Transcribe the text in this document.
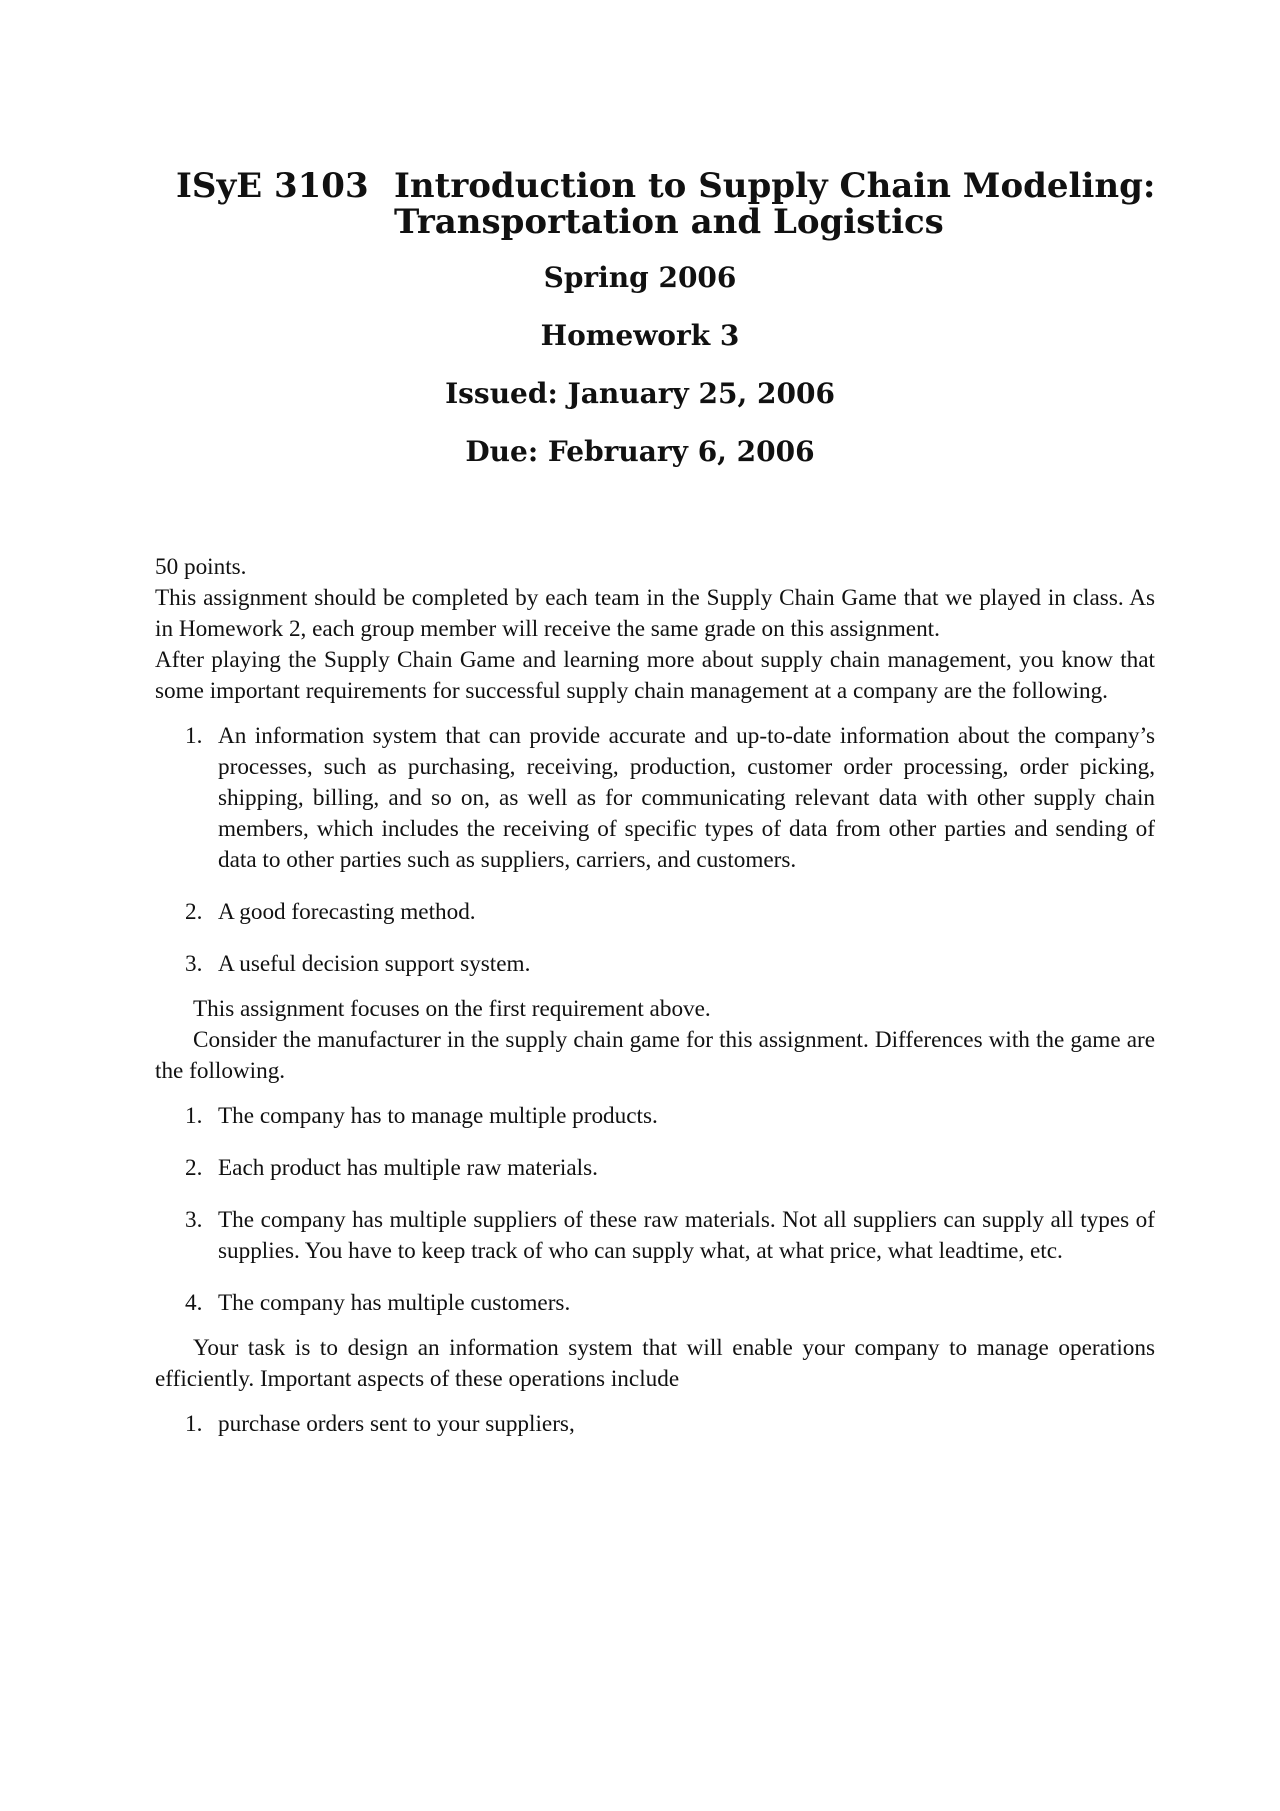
ISyE 3103 Introduction to Supply Chain Modeling:
Transportation and Logistics
Spring 2006
Homework 3
Issued: January 25, 2006
Due: February 6, 2006

50 points.

This assignment should be completed by each team in the Supply Chain Game that we played in class. As in Homework 2, each group member will receive the same grade on this assignment.

After playing the Supply Chain Game and learning more about supply chain management, you know that some important requirements for successful supply chain management at a company are the following.

1. An information system that can provide accurate and up-to-date information about the company’s processes, such as purchasing, receiving, production, customer order processing, order picking, shipping, billing, and so on, as well as for communicating relevant data with other supply chain members, which includes the receiving of specific types of data from other parties and sending of data to other parties such as suppliers, carriers, and customers.
2. A good forecasting method.
3. A useful decision support system.

This assignment focuses on the first requirement above.

Consider the manufacturer in the supply chain game for this assignment. Differences with the game are the following.

1. The company has to manage multiple products.
2. Each product has multiple raw materials.
3. The company has multiple suppliers of these raw materials. Not all suppliers can supply all types of supplies. You have to keep track of who can supply what, at what price, what leadtime, etc.
4. The company has multiple customers.

Your task is to design an information system that will enable your company to manage operations efficiently. Important aspects of these operations include

1. purchase orders sent to your suppliers,
